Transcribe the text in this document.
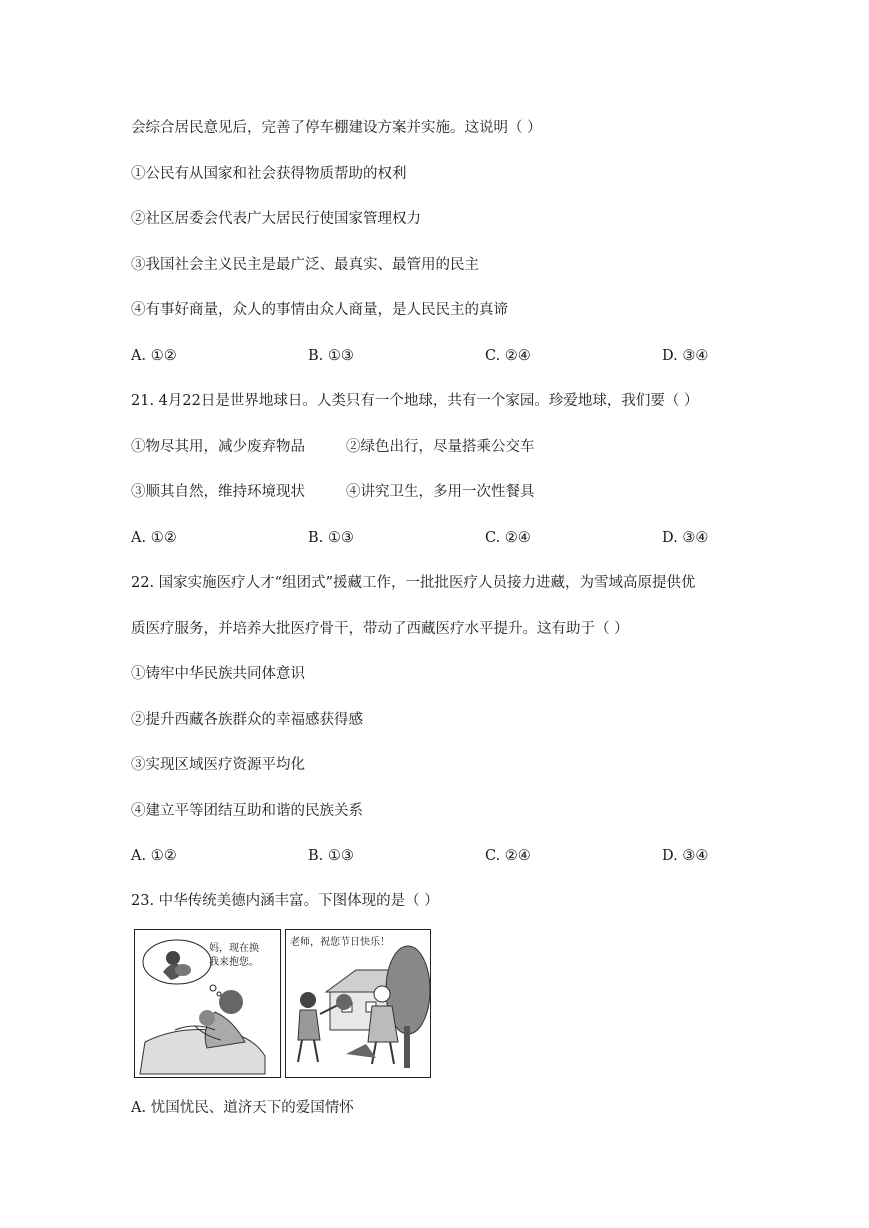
会综合居民意见后，完善了停车棚建设方案并实施。这说明（ ）
①公民有从国家和社会获得物质帮助的权利
②社区居委会代表广大居民行使国家管理权力
③我国社会主义民主是最广泛、最真实、最管用的民主
④有事好商量，众人的事情由众人商量，是人民民主的真谛
A. ①②	B. ①③	C. ②④	D. ③④
21. 4月22日是世界地球日。人类只有一个地球，共有一个家园。珍爱地球，我们要（ ）
①物尽其用，减少废弃物品	②绿色出行，尽量搭乘公交车
③顺其自然，维持环境现状	④讲究卫生，多用一次性餐具
A. ①②	B. ①③	C. ②④	D. ③④
22. 国家实施医疗人才“组团式”援藏工作，一批批医疗人员接力进藏，为雪域高原提供优
质医疗服务，并培养大批医疗骨干，带动了西藏医疗水平提升。这有助于（ ）
①铸牢中华民族共同体意识
②提升西藏各族群众的幸福感获得感
③实现区域医疗资源平均化
④建立平等团结互助和谐的民族关系
A. ①②	B. ①③	C. ②④	D. ③④
23. 中华传统美德内涵丰富。下图体现的是（ ）
妈，现在换
我来抱您。
老师，祝您节日快乐！
A. 忧国忧民、道济天下的爱国情怀
